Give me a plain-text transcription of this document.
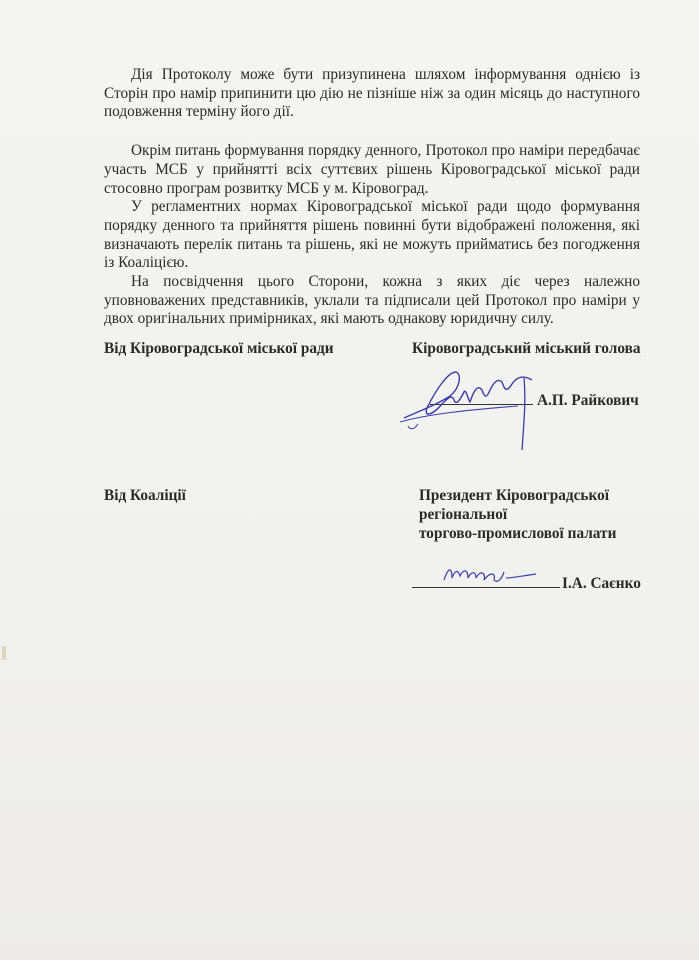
Дія Протоколу може бути призупинена шляхом інформування однією із Сторін про намір припинити цю дію не пізніше ніж за один місяць до наступного подовження терміну його дії.

Окрім питань формування порядку денного, Протокол про наміри передбачає участь МСБ у прийнятті всіх суттєвих рішень Кіровоградської міської ради стосовно програм розвитку МСБ у м. Кіровоград.

У регламентних нормах Кіровоградської міської ради щодо формування порядку денного та прийняття рішень повинні бути відображені положення, які визначають перелік питань та рішень, які не можуть прийматись без погодження із Коаліцією.

На посвідчення цього Сторони, кожна з яких діє через належно уповноважених представників, уклали та підписали цей Протокол про наміри у двох оригінальних примірниках, які мають однакову юридичну силу.

Від Кіровоградської міської ради	Кіровоградський міський голова
А.П. Райкович
Від Коаліції	Президент Кіровоградської
регіональної
торгово-промислової палати
І.А. Саєнко
